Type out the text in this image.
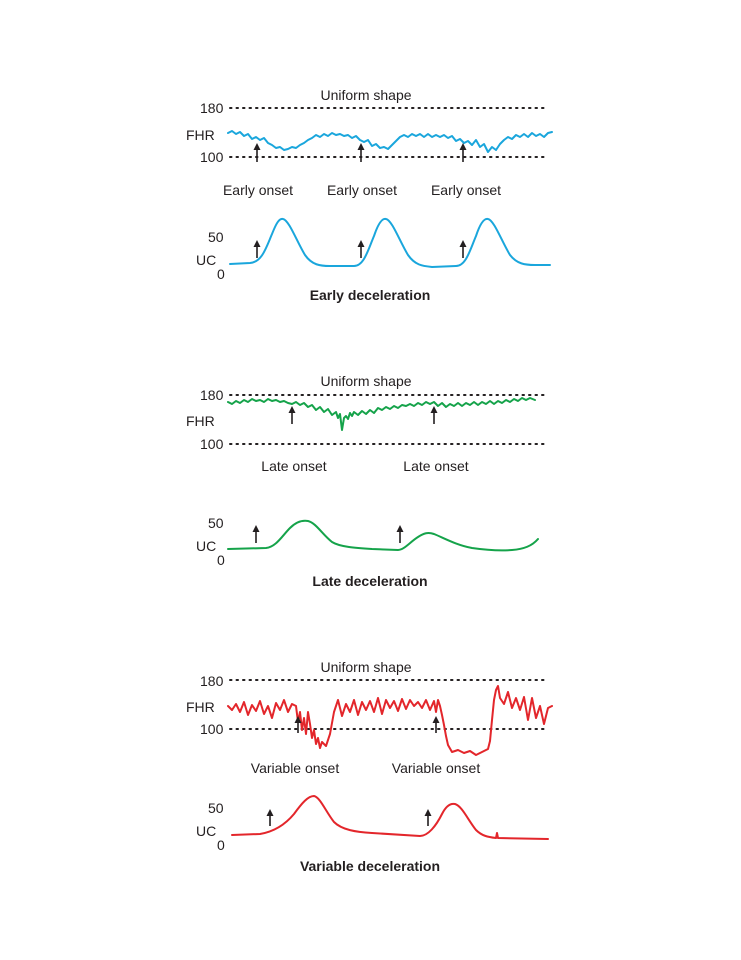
Uniform shape
180
FHR
100
Early onset Early onset Early onset
50
UC
0
Early deceleration
Uniform shape
180
FHR
100
Late onset	Late onset
50
UC
0
Late deceleration
Uniform shape
180
FHR
100
Variable onset	Variable onset
50
UC
0
Variable deceleration
